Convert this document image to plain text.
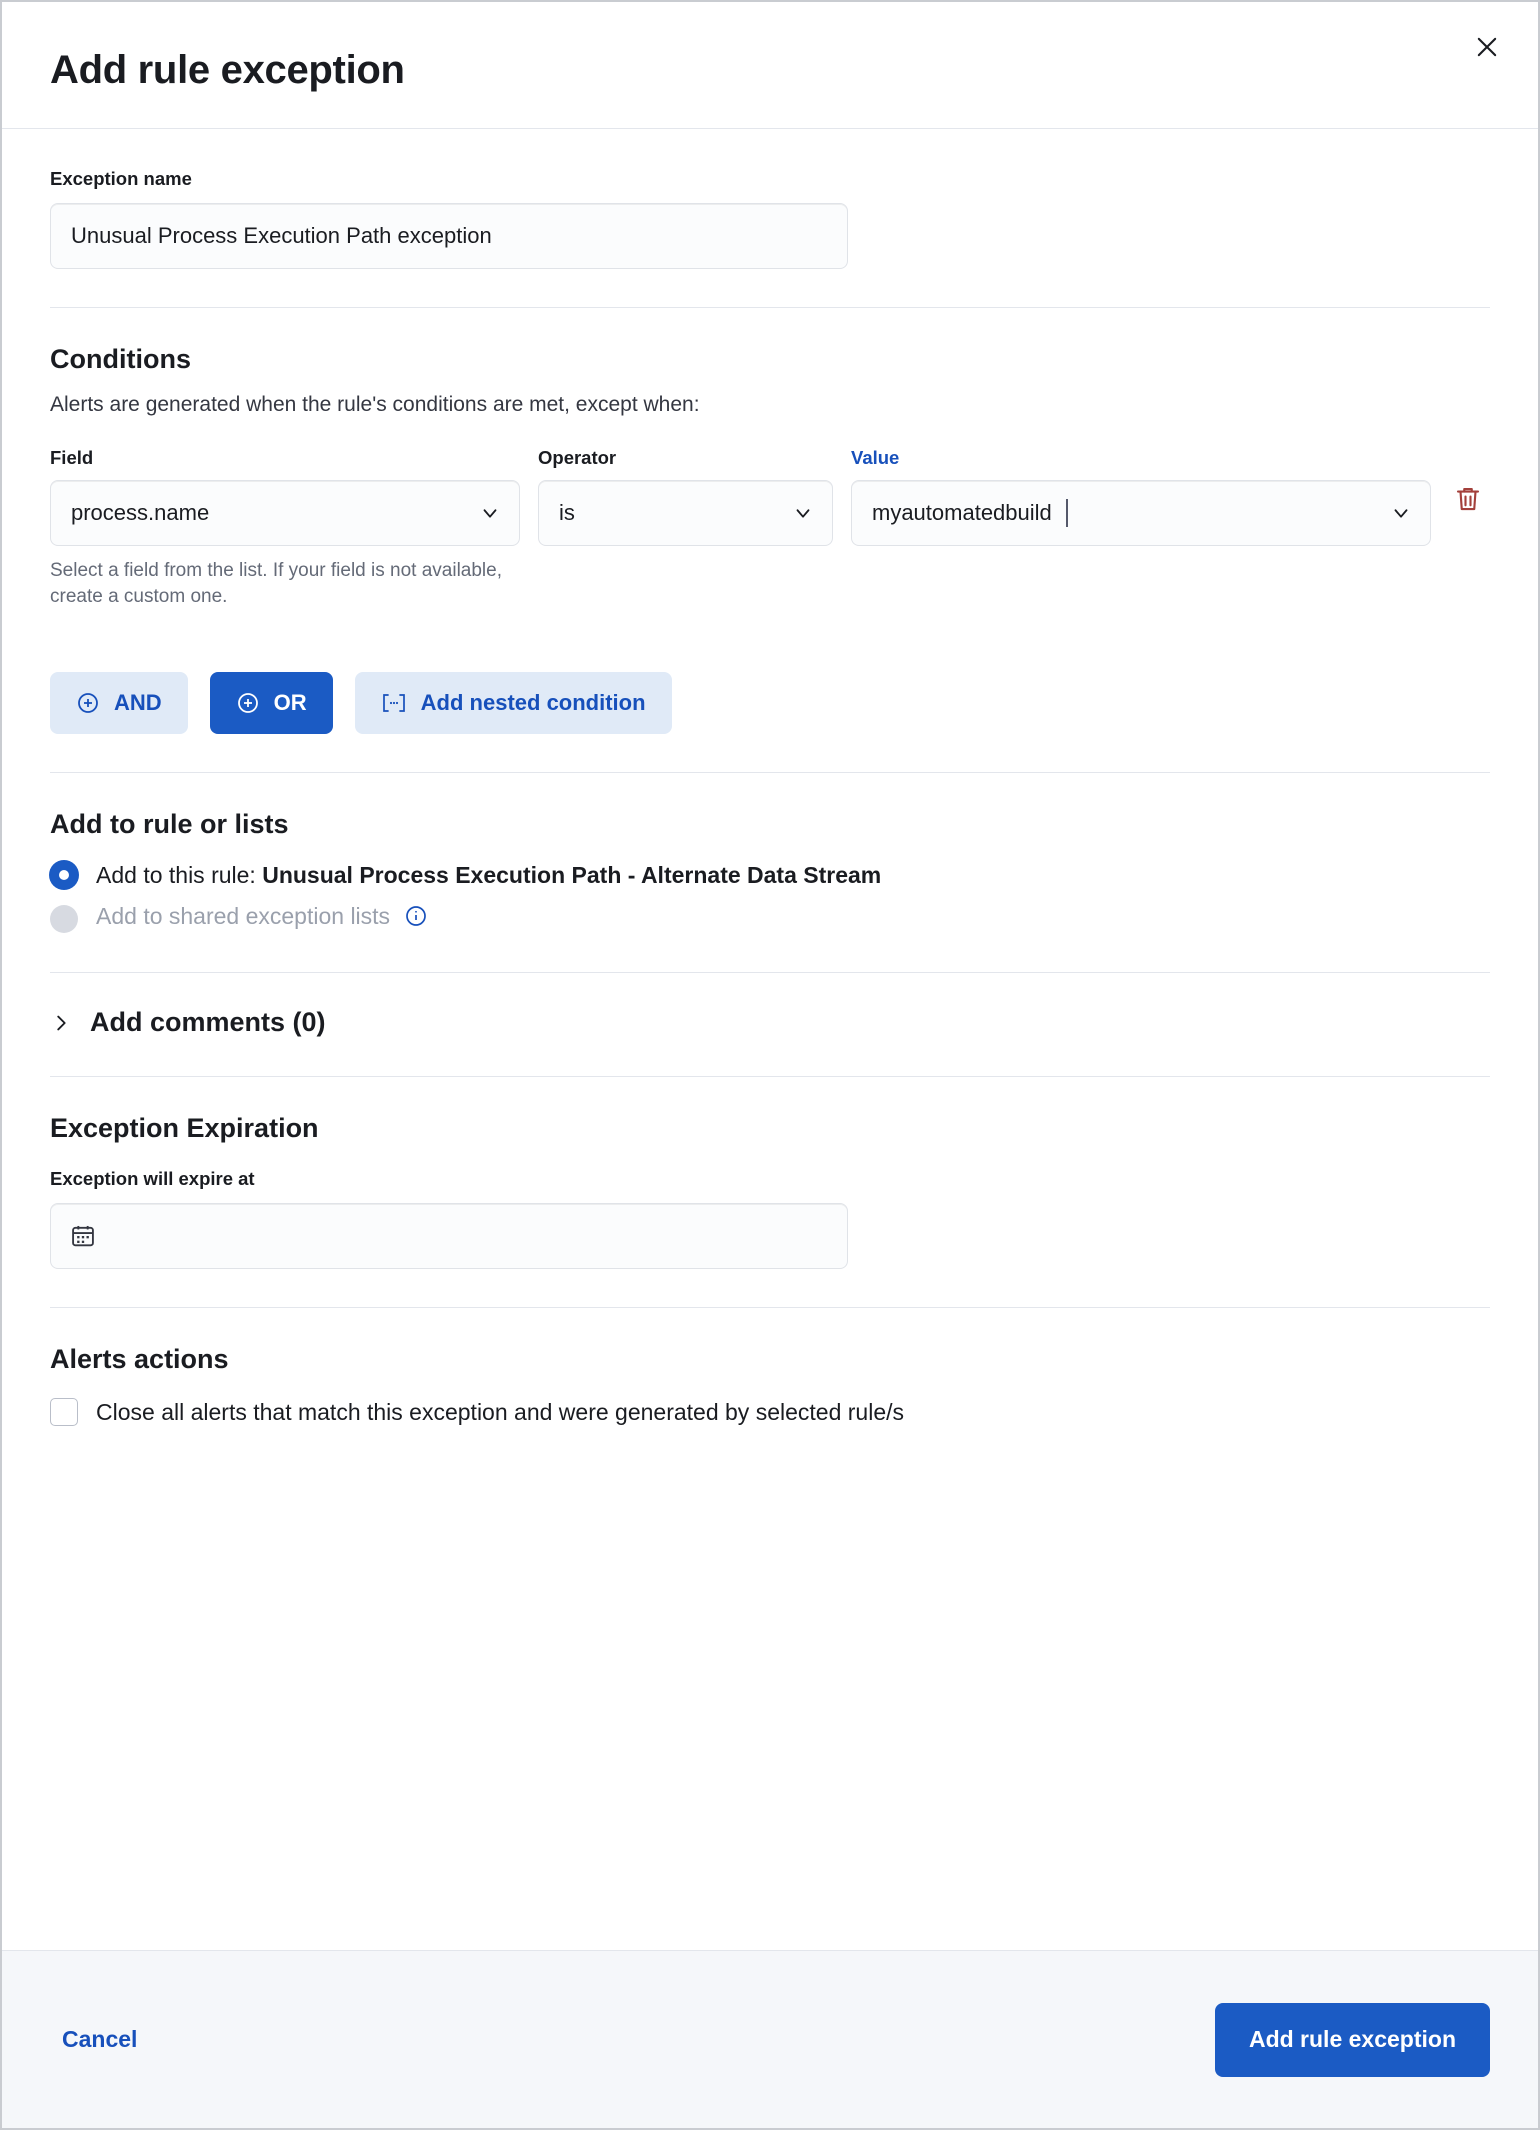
Add rule exception
Exception name
Unusual Process Execution Path exception
Conditions
Alerts are generated when the rule's conditions are met, except when:
Field
process.name
Select a field from the list. If your field is not available, create a custom one.
Operator
is
Value
myautomatedbuild
AND	OR	Add nested condition
Add to rule or lists
Add to this rule: Unusual Process Execution Path - Alternate Data Stream
Add to shared exception lists
Add comments (0)
Exception Expiration
Exception will expire at
Alerts actions
Close all alerts that match this exception and were generated by selected rule/s
Cancel	Add rule exception
